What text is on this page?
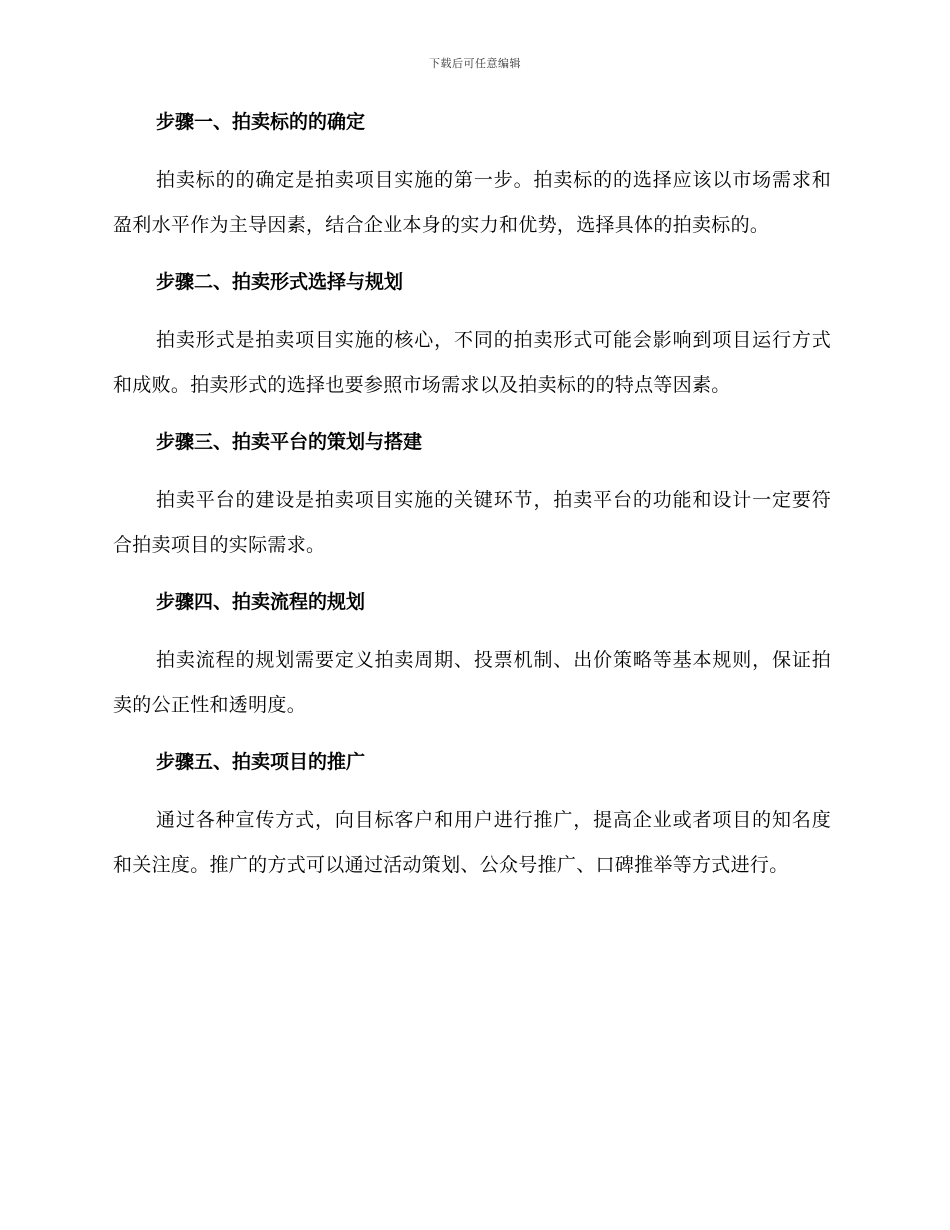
下载后可任意编辑
步骤一、拍卖标的的确定

拍卖标的的确定是拍卖项目实施的第一步。拍卖标的的选择应该以市场需求和盈利水平作为主导因素，结合企业本身的实力和优势，选择具体的拍卖标的。

步骤二、拍卖形式选择与规划

拍卖形式是拍卖项目实施的核心，不同的拍卖形式可能会影响到项目运行方式和成败。拍卖形式的选择也要参照市场需求以及拍卖标的的特点等因素。

步骤三、拍卖平台的策划与搭建

拍卖平台的建设是拍卖项目实施的关键环节，拍卖平台的功能和设计一定要符合拍卖项目的实际需求。

步骤四、拍卖流程的规划

拍卖流程的规划需要定义拍卖周期、投票机制、出价策略等基本规则，保证拍卖的公正性和透明度。

步骤五、拍卖项目的推广

通过各种宣传方式，向目标客户和用户进行推广，提高企业或者项目的知名度和关注度。推广的方式可以通过活动策划、公众号推广、口碑推举等方式进行。
